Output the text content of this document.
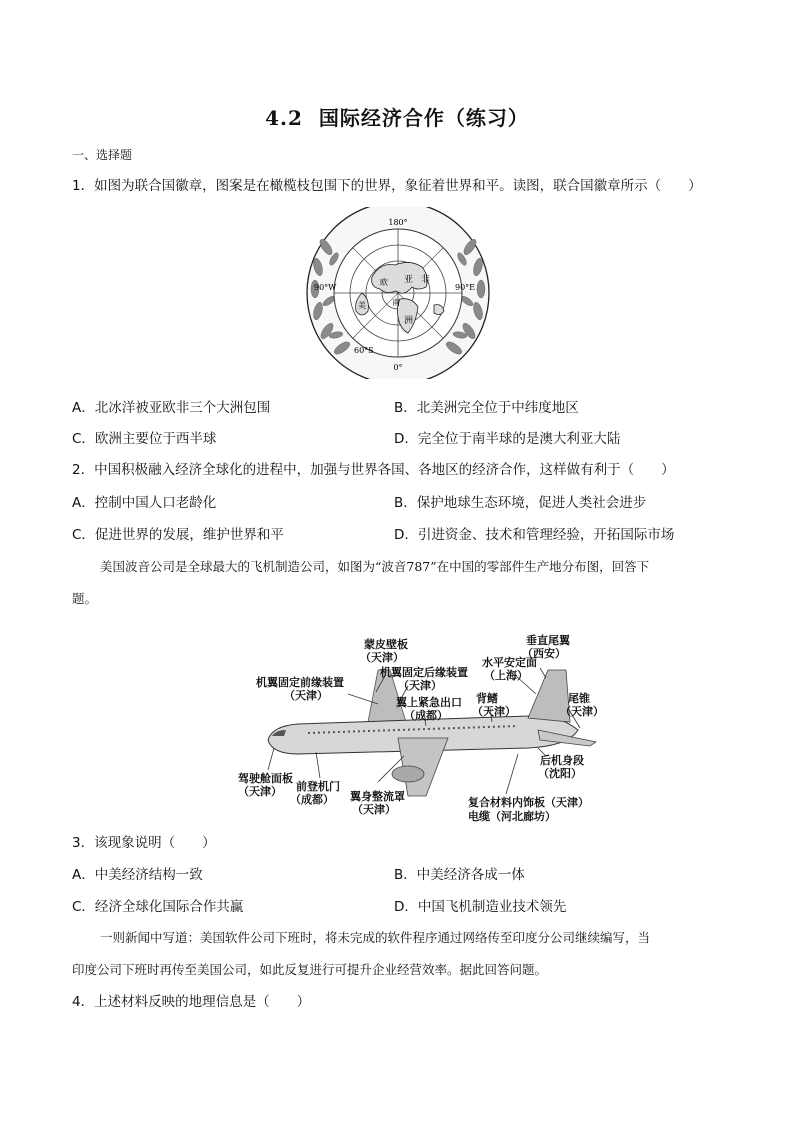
4.2 国际经济合作（练习）
一、选择题
1．如图为联合国徽章，图案是在橄榄枝包围下的世界，象征着世界和平。读图，联合国徽章所示（　　）
180°
90°W	90°E
60°S
0°
亚 非
洲
南
欧
美
A．北冰洋被亚欧非三个大洲包围	B．北美洲完全位于中纬度地区
C．欧洲主要位于西半球	D．完全位于南半球的是澳大利亚大陆
2．中国积极融入经济全球化的进程中，加强与世界各国、各地区的经济合作，这样做有利于（　　）
A．控制中国人口老龄化	B．保护地球生态环境，促进人类社会进步
C．促进世界的发展，维护世界和平	D．引进资金、技术和管理经验，开拓国际市场
美国波音公司是全球最大的飞机制造公司，如图为“波音787”在中国的零部件生产地分布图，回答下
题。
蒙皮壁板
（天津）
垂直尾翼
（西安）
机翼固定前缘装置
（天津）
机翼固定后缘装置
（天津）
水平安定面
（上海）
翼上紧急出口
（成都）
背鳍
（天津）
尾锥
（天津）
后机身段
（沈阳）
驾驶舱面板
（天津） 前登机门
（成都） 翼身整流罩
（天津）
复合材料内饰板（天津）
电缆（河北廊坊）
3．该现象说明（　　）
A．中美经济结构一致	B．中美经济各成一体
C．经济全球化国际合作共赢	D．中国飞机制造业技术领先
一则新闻中写道：美国软件公司下班时，将未完成的软件程序通过网络传至印度分公司继续编写，当
印度公司下班时再传至美国公司，如此反复进行可提升企业经营效率。据此回答问题。
4．上述材料反映的地理信息是（　　）
